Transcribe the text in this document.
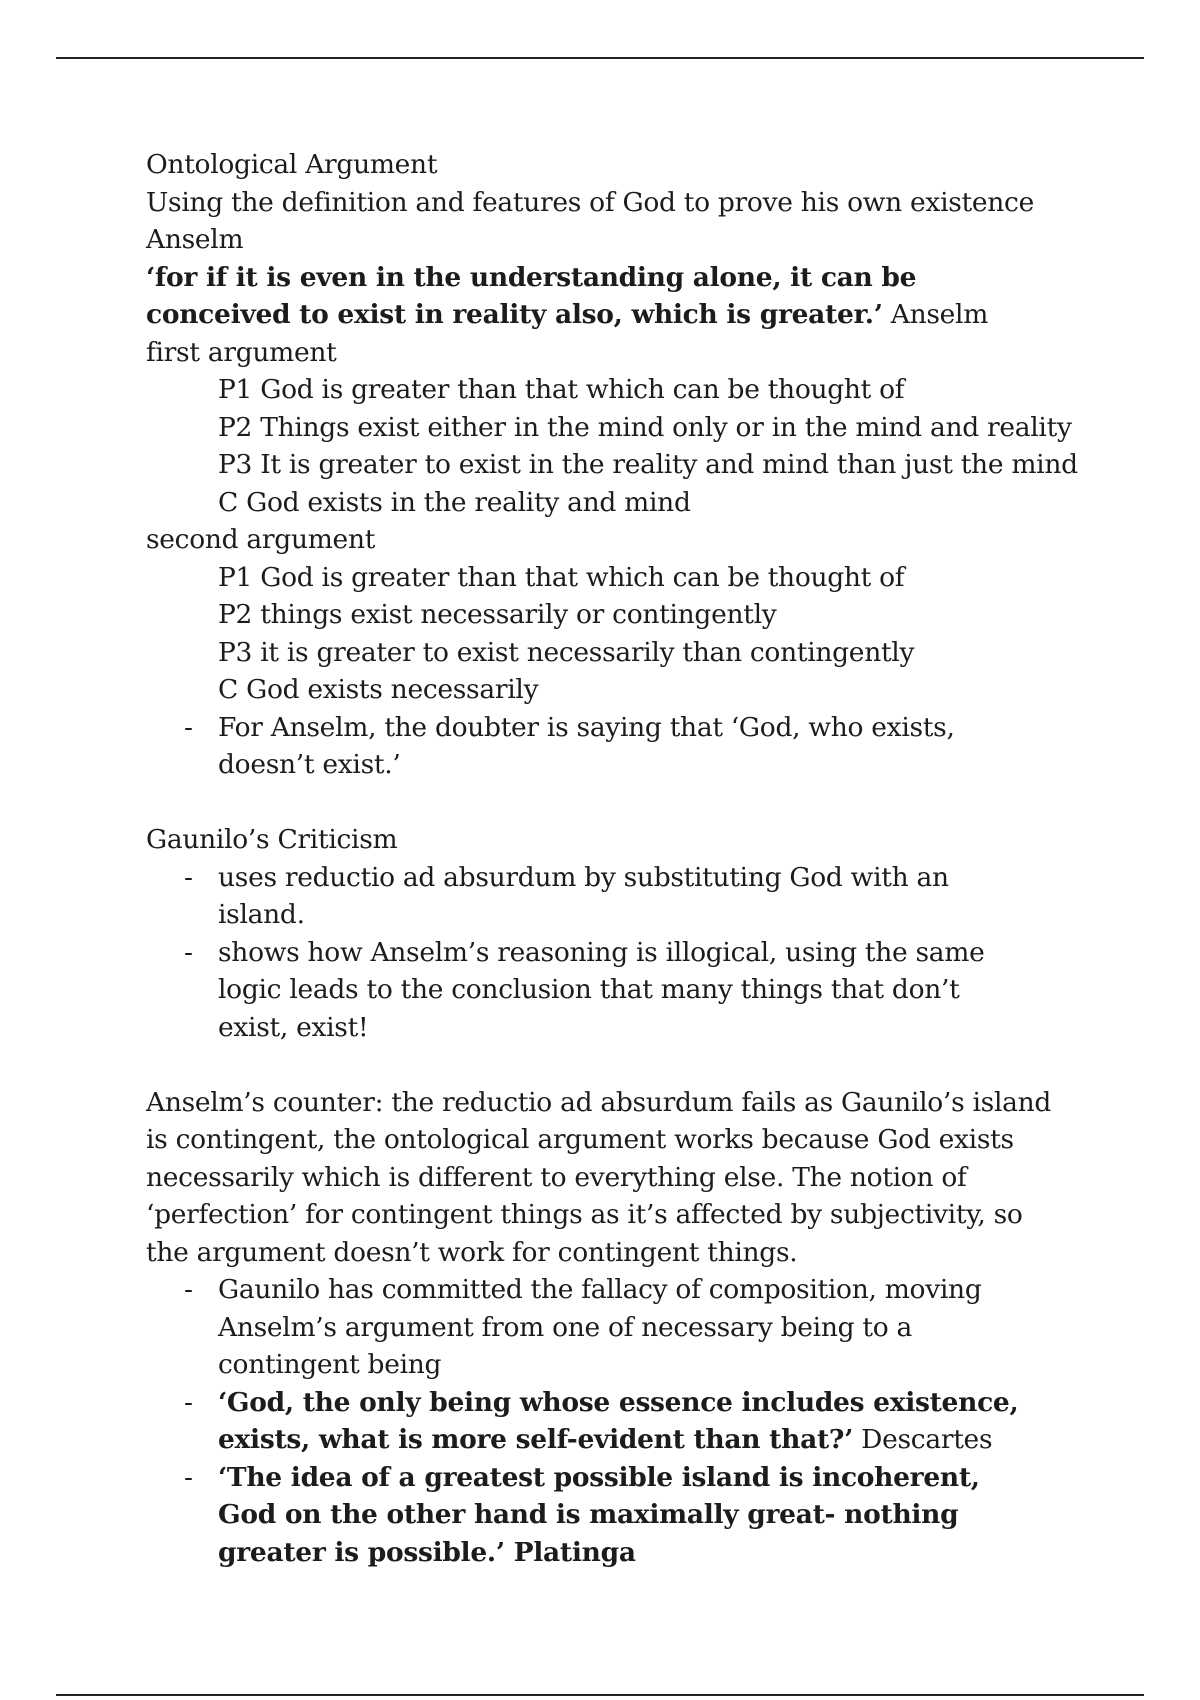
Ontological Argument

Using the definition and features of God to prove his own existence

Anselm

‘for if it is even in the understanding alone, it can be conceived to exist in reality also, which is greater.’ Anselm

first argument

P1 God is greater than that which can be thought of

P2 Things exist either in the mind only or in the mind and reality

P3 It is greater to exist in the reality and mind than just the mind

C God exists in the reality and mind

second argument

P1 God is greater than that which can be thought of

P2 things exist necessarily or contingently

P3 it is greater to exist necessarily than contingently

C God exists necessarily

- For Anselm, the doubter is saying that ‘God, who exists, doesn’t exist.’

Gaunilo’s Criticism

- uses reductio ad absurdum by substituting God with an island.

- shows how Anselm’s reasoning is illogical, using the same logic leads to the conclusion that many things that don’t exist, exist!

Anselm’s counter: the reductio ad absurdum fails as Gaunilo’s island is contingent, the ontological argument works because God exists necessarily which is different to everything else. The notion of ‘perfection’ for contingent things as it’s affected by subjectivity, so the argument doesn’t work for contingent things.

- Gaunilo has committed the fallacy of composition, moving Anselm’s argument from one of necessary being to a contingent being

- ‘God, the only being whose essence includes existence, exists, what is more self-evident than that?’ Descartes

- ‘The idea of a greatest possible island is incoherent, God on the other hand is maximally great- nothing greater is possible.’ Platinga
